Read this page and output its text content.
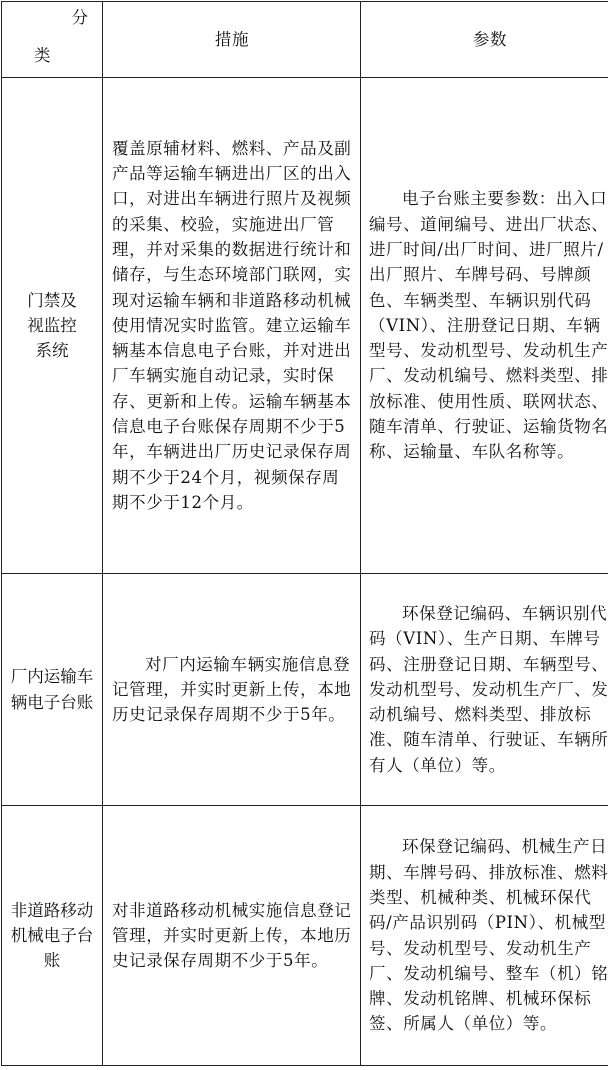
分
类	措施	参数
门禁及视监控系统	覆盖原辅材料、燃料、产品及副产品等运输车辆进出厂区的出入口，对进出车辆进行照片及视频的采集、校验，实施进出厂管理，并对采集的数据进行统计和储存，与生态环境部门联网，实现对运输车辆和非道路移动机械使用情况实时监管。建立运输车辆基本信息电子台账，并对进出厂车辆实施自动记录，实时保存、更新和上传。运输车辆基本信息电子台账保存周期不少于5年，车辆进出厂历史记录保存周期不少于24个月，视频保存周期不少于12个月。	电子台账主要参数：出入口编号、道闸编号、进出厂状态、进厂时间/出厂时间、进厂照片/出厂照片、车牌号码、号牌颜色、车辆类型、车辆识别代码（VIN）、注册登记日期、车辆型号、发动机型号、发动机生产厂、发动机编号、燃料类型、排放标准、使用性质、联网状态、随车清单、行驶证、运输货物名称、运输量、车队名称等。
厂内运输车辆电子台账	对厂内运输车辆实施信息登记管理，并实时更新上传，本地历史记录保存周期不少于5年。	环保登记编码、车辆识别代码（VIN）、生产日期、车牌号码、注册登记日期、车辆型号、发动机型号、发动机生产厂、发动机编号、燃料类型、排放标准、随车清单、行驶证、车辆所有人（单位）等。
非道路移动机械电子台账	对非道路移动机械实施信息登记管理，并实时更新上传，本地历史记录保存周期不少于5年。	环保登记编码、机械生产日期、车牌号码、排放标准、燃料类型、机械种类、机械环保代码/产品识别码（PIN）、机械型号、发动机型号、发动机生产厂、发动机编号、整车（机）铭牌、发动机铭牌、机械环保标签、所属人（单位）等。
